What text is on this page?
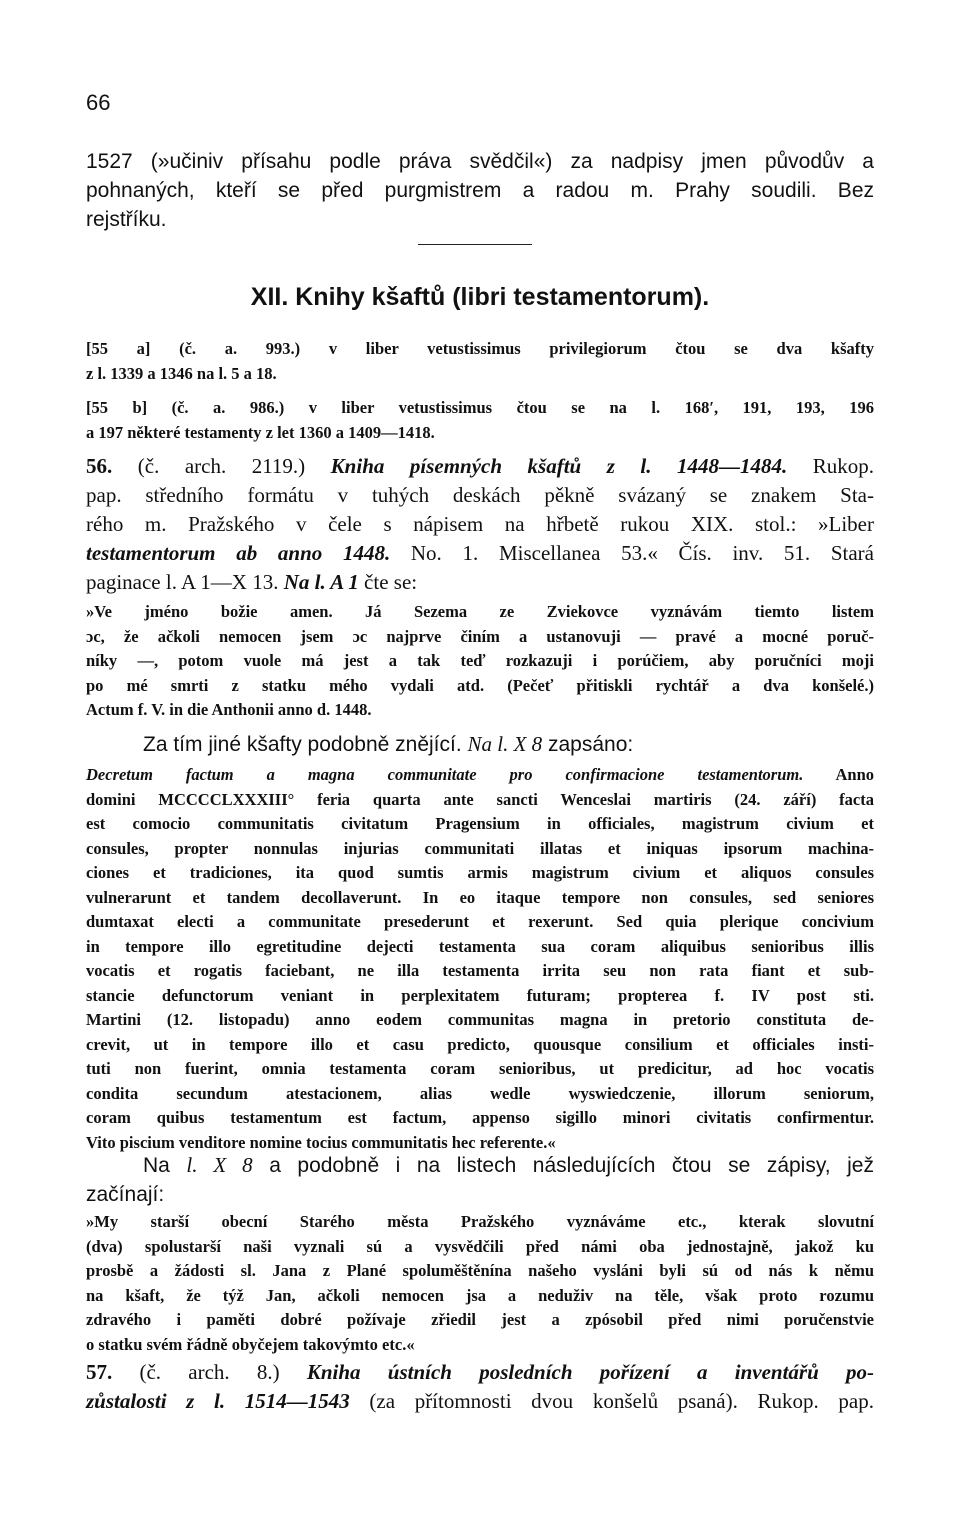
66
1527 (»učiniv přísahu podle práva svědčil«) za nadpisy jmen původův a
pohnaných, kteří se před purgmistrem a radou m. Prahy soudili. Bez
rejstříku.
XII. Knihy kšaftů (libri testamentorum).
[55 a] (č. a. 993.) v liber vetustissimus privilegiorum čtou se dva kšafty
z l. 1339 a 1346 na l. 5 a 18.
[55 b] (č. a. 986.) v liber vetustissimus čtou se na l. 168′, 191, 193, 196
a 197 některé testamenty z let 1360 a 1409—1418.
56. (č. arch. 2119.) Kniha písemných kšaftů z l. 1448—1484. Rukop.
pap. středního formátu v tuhých deskách pěkně svázaný se znakem Sta-
rého m. Pražského v čele s nápisem na hřbetě rukou XIX. stol.: »Liber
testamentorum ab anno 1448. No. 1. Miscellanea 53.« Čís. inv. 51. Stará
paginace l. A 1—X 13. Na l. A 1 čte se:
»Ve jméno božie amen. Já Sezema ze Zviekovce vyznávám tiemto listem
ɔc, že ačkoli nemocen jsem ɔc najprve činím a ustanovuji — pravé a mocné poruč-
níky —, potom vuole má jest a tak teď rozkazuji i porúčiem, aby poručníci moji
po mé smrti z statku mého vydali atd. (Pečeť přitiskli rychtář a dva konšelé.)
Actum f. V. in die Anthonii anno d. 1448.
Za tím jiné kšafty podobně znějící. Na l. X 8 zapsáno:
Decretum factum a magna communitate pro confirmacione testamentorum. Anno
domini MCCCCLXXXIII° feria quarta ante sancti Wenceslai martiris (24. září) facta
est comocio communitatis civitatum Pragensium in officiales, magistrum civium et
consules, propter nonnulas injurias communitati illatas et iniquas ipsorum machina-
ciones et tradiciones, ita quod sumtis armis magistrum civium et aliquos consules
vulnerarunt et tandem decollaverunt. In eo itaque tempore non consules, sed seniores
dumtaxat electi a communitate presederunt et rexerunt. Sed quia plerique concivium
in tempore illo egretitudine dejecti testamenta sua coram aliquibus senioribus illis
vocatis et rogatis faciebant, ne illa testamenta irrita seu non rata fiant et sub-
stancie defunctorum veniant in perplexitatem futuram; propterea f. IV post sti.
Martini (12. listopadu) anno eodem communitas magna in pretorio constituta de-
crevit, ut in tempore illo et casu predicto, quousque consilium et officiales insti-
tuti non fuerint, omnia testamenta coram senioribus, ut predicitur, ad hoc vocatis
condita secundum atestacionem, alias wedle wyswiedczenie, illorum seniorum,
coram quibus testamentum est factum, appenso sigillo minori civitatis confirmentur.
Vito piscium venditore nomine tocius communitatis hec referente.«
Na l. X 8 a podobně i na listech následujících čtou se zápisy, jež
začínají:
»My starší obecní Starého města Pražského vyznáváme etc., kterak slovutní
(dva) spolustarší naši vyznali sú a vysvědčili před námi oba jednostajně, jakož ku
prosbě a žádosti sl. Jana z Plané spoluměštěnína našeho vysláni byli sú od nás k němu
na kšaft, že týž Jan, ačkoli nemocen jsa a neduživ na těle, však proto rozumu
zdravého i paměti dobré požívaje zřiedil jest a zpósobil před nimi poručenstvie
o statku svém řádně obyčejem takovýmto etc.«
57. (č. arch. 8.) Kniha ústních posledních pořízení a inventářů po-
zůstalosti z l. 1514—1543 (za přítomnosti dvou konšelů psaná). Rukop. pap.
